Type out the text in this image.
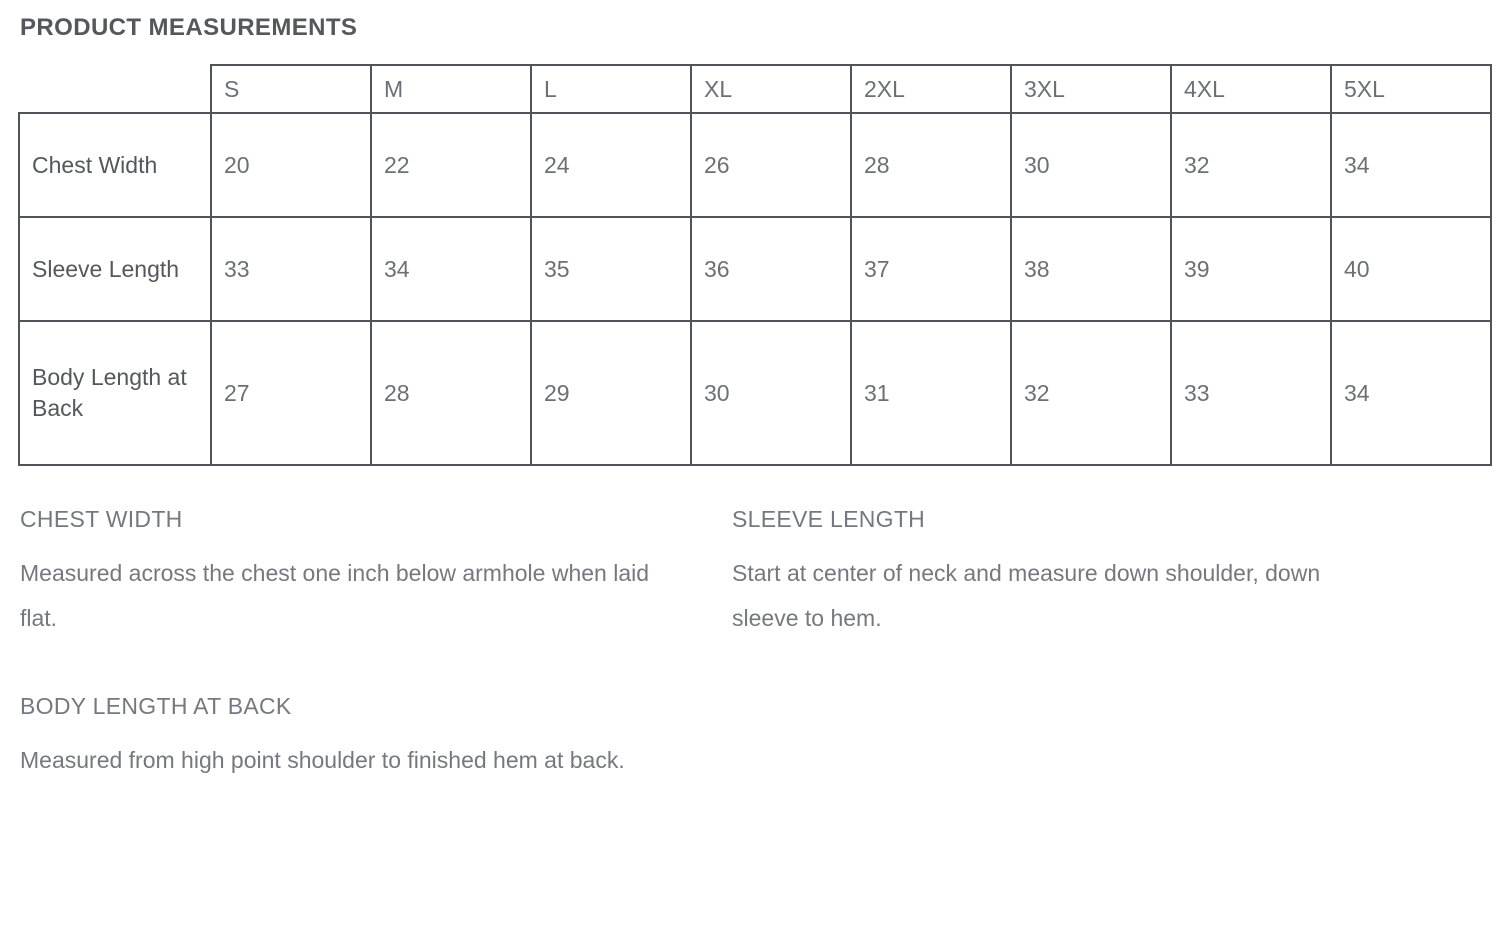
PRODUCT MEASUREMENTS
	S	M	L	XL	2XL	3XL	4XL	5XL
Chest Width	20	22	24	26	28	30	32	34
Sleeve Length	33	34	35	36	37	38	39	40
Body Length at Back	27	28	29	30	31	32	33	34
CHEST WIDTH
Measured across the chest one inch below armhole when laid flat.
SLEEVE LENGTH
Start at center of neck and measure down shoulder, down sleeve to hem.
BODY LENGTH AT BACK
Measured from high point shoulder to finished hem at back.
